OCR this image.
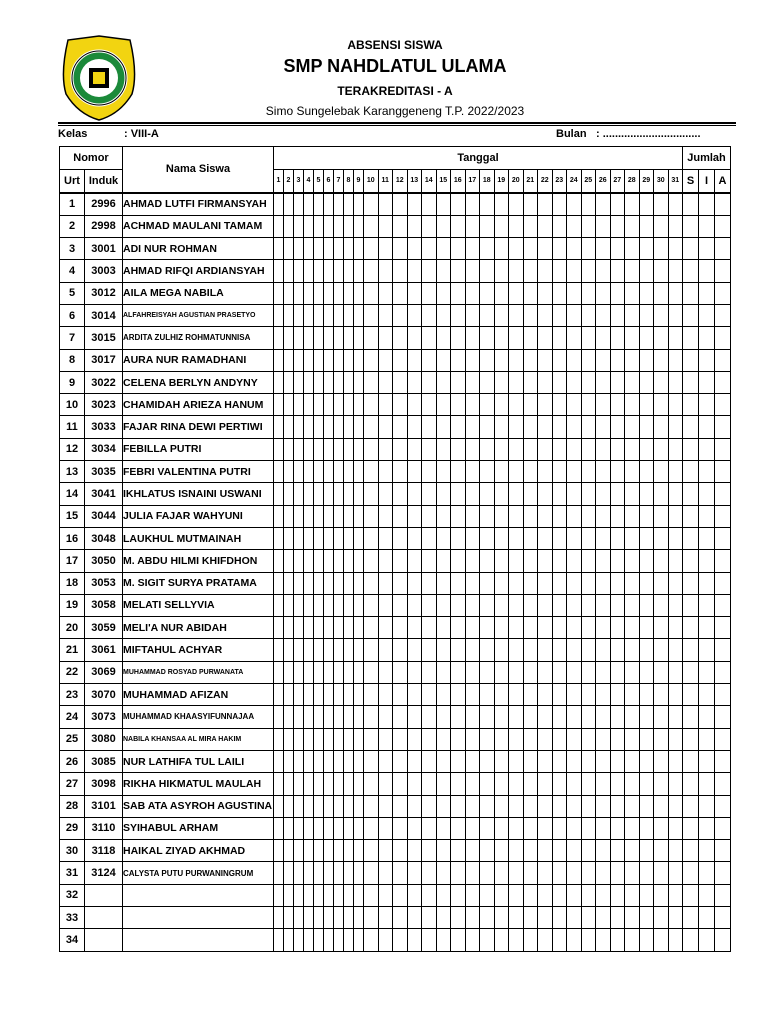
ABSENSI SISWA
SMP NAHDLATUL ULAMA
TERAKREDITASI - A
Simo Sungelebak Karanggeneng T.P. 2022/2023
Kelas	: VIII-A	Bulan : ................................
Nomor		Nama Siswa	Tanggal																															Jumlah		
Urt	Induk		1	2	3	4	5	6	7	8	9	10	11	12	13	14	15	16	17	18	19	20	21	22	23	24	25	26	27	28	29	30	31	S	I	A
1	2996	AHMAD LUTFI FIRMANSYAH																																		
2	2998	ACHMAD MAULANI TAMAM																																		
3	3001	ADI NUR ROHMAN																																		
4	3003	AHMAD RIFQI ARDIANSYAH																																		
5	3012	AILA MEGA NABILA																																		
6	3014	ALFAHREISYAH AGUSTIAN PRASETYO																																		
7	3015	ARDITA ZULHIZ ROHMATUNNISA																																		
8	3017	AURA NUR RAMADHANI																																		
9	3022	CELENA BERLYN ANDYNY																																		
10	3023	CHAMIDAH ARIEZA HANUM																																		
11	3033	FAJAR RINA DEWI PERTIWI																																		
12	3034	FEBILLA PUTRI																																		
13	3035	FEBRI VALENTINA PUTRI																																		
14	3041	IKHLATUS ISNAINI USWANI																																		
15	3044	JULIA FAJAR WAHYUNI																																		
16	3048	LAUKHUL MUTMAINAH																																		
17	3050	M. ABDU HILMI KHIFDHON																																		
18	3053	M. SIGIT SURYA PRATAMA																																		
19	3058	MELATI SELLYVIA																																		
20	3059	MELI'A NUR ABIDAH																																		
21	3061	MIFTAHUL ACHYAR																																		
22	3069	MUHAMMAD ROSYAD PURWANATA																																		
23	3070	MUHAMMAD AFIZAN																																		
24	3073	MUHAMMAD KHAASYIFUNNAJAA																																		
25	3080	NABILA KHANSAA AL MIRA HAKIM																																		
26	3085	NUR LATHIFA TUL LAILI																																		
27	3098	RIKHA HIKMATUL MAULAH																																		
28	3101	SAB ATA ASYROH AGUSTINA																																		
29	3110	SYIHABUL ARHAM																																		
30	3118	HAIKAL ZIYAD AKHMAD																																		
31	3124	CALYSTA PUTU PURWANINGRUM																																		
32																																				
33																																				
34																																				
